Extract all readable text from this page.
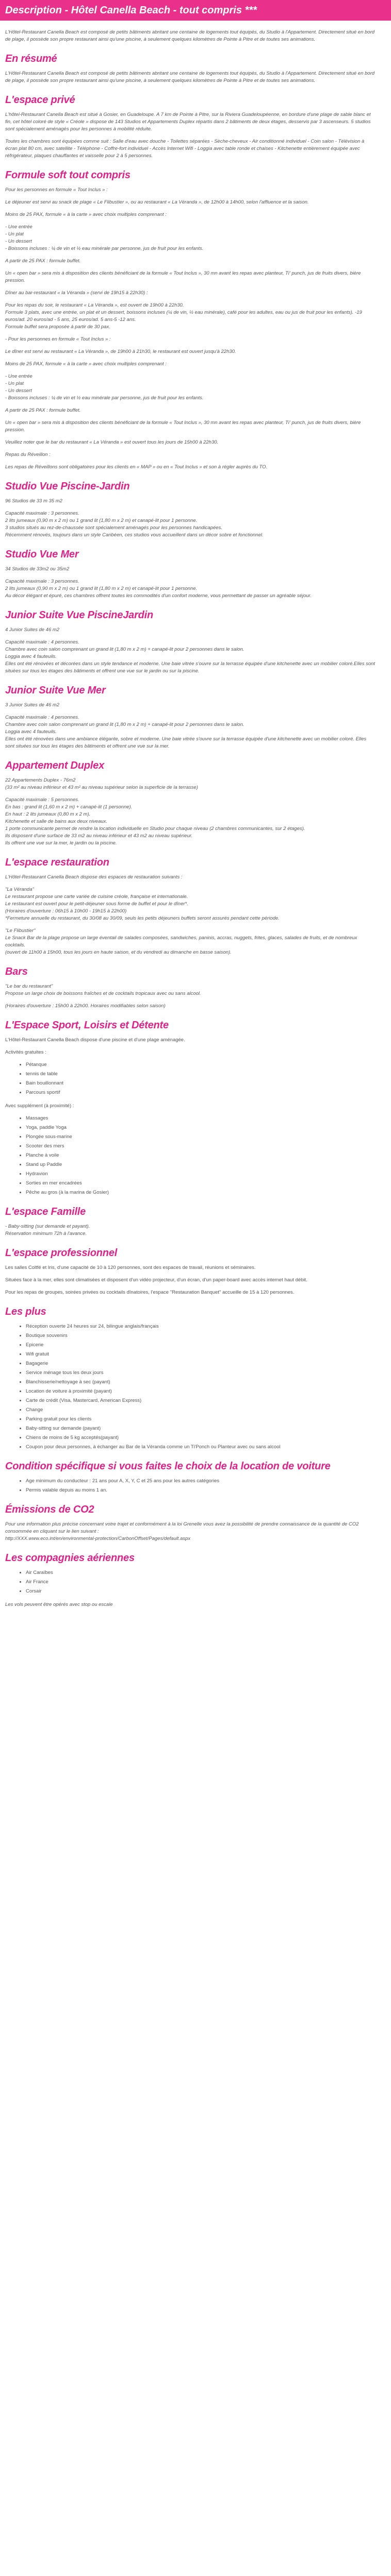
Description - Hôtel Canella Beach - tout compris ***

L'Hôtel-Restaurant Canella Beach est composé de petits bâtiments abritant une centaine de logements tout équipés, du Studio à l'Appartement. Directement situé en bord de plage, il possède son propre restaurant ainsi qu'une piscine, à seulement quelques kilomètres de Pointe à Pitre et de toutes ses animations.

En résumé

L'Hôtel-Restaurant Canella Beach est composé de petits bâtiments abritant une centaine de logements tout équipés, du Studio à l'Appartement. Directement situé en bord de plage, il possède son propre restaurant ainsi qu'une piscine, à seulement quelques kilomètres de Pointe à Pitre et de toutes ses animations.

L'espace privé

L'hôtel-Restaurant Canella Beach est situé à Gosier, en Guadeloupe. A 7 km de Pointe à Pitre, sur la Riviera Guadeloupéenne, en bordure d'une plage de sable blanc et fin, cet hôtel coloré de style « Créole » dispose de 143 Studios et Appartements Duplex répartis dans 2 bâtiments de deux étages, desservis par 3 ascenseurs. 5 studios sont spécialement aménagés pour les personnes à mobilité réduite.

Toutes les chambres sont équipées comme suit : Salle d'eau avec douche - Toilettes séparées - Sèche-cheveux - Air conditionné individuel - Coin salon - Télévision à écran plat 80 cm, avec satellite - Téléphone - Coffre-fort individuel - Accès Internet Wifi - Loggia avec table ronde et chaises - Kitchenette entièrement équipée avec réfrigérateur, plaques chauffantes et vaisselle pour 2 à 5 personnes.

Formule soft tout compris

Pour les personnes en formule « Tout Inclus » :

Le déjeuner est servi au snack de plage « Le Flibustier », ou au restaurant « La Véranda », de 12h00 à 14h00, selon l'affluence et la saison.

Moins de 25 PAX, formule « à la carte » avec choix multiples comprenant :

- Une entrée

- Un plat

- Un dessert

- Boissons incluses : ¼ de vin et ½ eau minérale par personne, jus de fruit pour les enfants.

A partir de 25 PAX : formule buffet.

Un « open bar » sera mis à disposition des clients bénéficiant de la formule « Tout Inclus », 30 mn avant les repas avec planteur, Ti' punch, jus de fruits divers, bière pression.

Dîner au bar-restaurant « la Véranda » (servi de 19h15 à 22h30) :

Pour les repas du soir, le restaurant « La Véranda », est ouvert de 19h00 à 22h30.

Formule 3 plats, avec une entrée, un plat et un dessert, boissons incluses (¼ de vin, ½ eau minérale), café pour les adultes, eau ou jus de fruit pour les enfants). -19 euros/ad. 20 euros/ad - 5 ans, 25 euros/ad. 5 ans-5 -12 ans.

Formule buffet sera proposée à partir de 30 pax.

- Pour les personnes en formule « Tout Inclus » :

Le dîner est servi au restaurant « La Véranda », de 19h00 à 21h30, le restaurant est ouvert jusqu'à 22h30.

Moins de 25 PAX, formule « à la carte » avec choix multiples comprenant :

- Une entrée

- Un plat

- Un dessert

- Boissons incluses : ¼ de vin et ½ eau minérale par personne, jus de fruit pour les enfants.

A partir de 25 PAX : formule buffet.

Un « open bar » sera mis à disposition des clients bénéficiant de la formule « Tout Inclus », 30 mn avant les repas avec planteur, Ti' punch, jus de fruits divers, bière pression.

Veuillez noter que le bar du restaurant « La Véranda » est ouvert tous les jours de 15h00 à 22h30.

Repas du Réveillon :

Les repas de Réveillons sont obligatoires pour les clients en « MAP » ou en « Tout Inclus » et son à régler auprès du TO.

Studio Vue Piscine-Jardin

96 Studios de 33 m 35 m2

Capacité maximale : 3 personnes.

2 lits jumeaux (0,90 m x 2 m) ou 1 grand lit (1,80 m x 2 m) et canapé-lit pour 1 personne.

3 studios situés au rez-de-chaussée sont spécialement aménagés pour les personnes handicapées.

Récemment rénovés, toujours dans un style Caribéen, ces studios vous accueillent dans un décor sobre et fonctionnel.

Studio Vue Mer

34 Studios de 33m2 ou 35m2

Capacité maximale : 3 personnes.

2 lits jumeaux (0,90 m x 2 m) ou 1 grand lit (1,80 m x 2 m) et canapé-lit pour 1 personne.

Au décor élégant et épuré, ces chambres offrent toutes les commodités d'un confort moderne, vous permettant de passer un agréable séjour.

Junior Suite Vue PiscineJardin

4 Junior Suites de 46 m2

Capacité maximale : 4 personnes.

Chambre avec coin salon comprenant un grand lit (1,80 m x 2 m) + canapé-lit pour 2 personnes dans le salon.

Loggia avec 4 fauteuils.

Elles ont été rénovées et décorées dans un style tendance et moderne. Une baie vitrée s'ouvre sur la terrasse équipée d'une kitchenette avec un mobilier coloré.Elles sont situées sur tous les étages des bâtiments et offrent une vue sur le jardin ou sur la piscine.

Junior Suite Vue Mer

3 Junior Suites de 46 m2

Capacité maximale : 4 personnes.

Chambre avec coin salon comprenant un grand lit (1,80 m x 2 m) + canapé-lit pour 2 personnes dans le salon.

Loggia avec 4 fauteuils.

Elles ont été rénovées dans une ambiance élégante, sobre et moderne. Une baie vitrée s'ouvre sur la terrasse équipée d'une kitchenette avec un mobilier coloré. Elles sont situées sur tous les étages des bâtiments et offrent une vue sur la mer.

Appartement Duplex

22 Appartements Duplex - 76m2

(33 m² au niveau inférieur et 43 m² au niveau supérieur selon la superficie de la terrasse)

Capacité maximale : 5 personnes.

En bas : grand lit (1,60 m x 2 m) + canapé-lit (1 personne).

En haut : 2 lits jumeaux (0,80 m x 2 m).

Kitchenette et salle de bains aux deux niveaux.

1 porte communicante permet de rendre la location individuelle en Studio pour chaque niveau (2 chambres communicantes, sur 2 étages).

Ils disposent d'une surface de 33 m2 au niveau inférieur et 43 m2 au niveau supérieur.

Ils offrent une vue sur la mer, le jardin ou la piscine.

L'espace restauration

L'Hôtel-Restaurant Canella Beach dispose des espaces de restauration suivants :

"La Véranda"

Le restaurant propose une carte variée de cuisine créole, française et internationale.

Le restaurant est ouvert pour le petit-déjeuner sous forme de buffet et pour le dîner*.

(Horaires d'ouverture : 06h15 à 10h00 - 19h15 à 22h00)

*Fermeture annuelle du restaurant, du 30/08 au 30/09, seuls les petits déjeuners buffets seront assurés pendant cette période.

"Le Flibustier"

Le Snack Bar de la plage propose un large éventail de salades composées, sandwiches, paninis, accras, nuggets, frites, glaces, salades de fruits, et de nombreux cocktails.

(ouvert de 11h00 à 15h00, tous les jours en haute saison, et du vendredi au dimanche en basse saison).

Bars

"Le bar du restaurant"

Propose un large choix de boissons fraîches et de cocktails tropicaux avec ou sans alcool.

(Horaires d'ouverture : 15h00 à 22h00. Horaires modifiables selon saison)

L'Espace Sport, Loisirs et Détente

L'Hôtel-Restaurant Canella Beach dispose d'une piscine et d'une plage aménagée.

Activités gratuites :

• Pétanque
• tennis de table
• Bain bouillonnant
• Parcours sportif

Avec supplément (à proximité) :

• Massages
• Yoga, paddle Yoga
• Plongée sous-marine
• Scooter des mers
• Planche à voile
• Stand up Paddle
• Hydravion
• Sorties en mer encadrées
• Pêche au gros (à la marina de Gosier)
L'espace Famille

- Baby-sitting (sur demande et payant).

Réservation minimum 72h à l'avance.

L'espace professionnel

Les salles Coltfé et Iris, d'une capacité de 10 à 120 personnes, sont des espaces de travail, réunions et séminaires.

Situées face à la mer, elles sont climatisées et disposent d'un vidéo projecteur, d'un écran, d'un paper-board avec accès internet haut débit.

Pour les repas de groupes, soirées privées ou cocktails dînatoires, l'espace "Restauration Banquet" accueille de 15 à 120 personnes.

Les plus
• Réception ouverte 24 heures sur 24, bilingue anglais/français
• Boutique souvenirs
• Epicerie
• Wifi gratuit
• Bagagerie
• Service ménage tous les deux jours
• Blanchisserie/nettoyage à sec (payant)
• Location de voiture à proximité (payant)
• Carte de crédit (Visa, Mastercard, American Express)
• Change
• Parking gratuit pour les clients
• Baby-sitting sur demande (payant)
• Chiens de moins de 5 kg acceptés(payant)
• Coupon pour deux personnes, à échanger au Bar de la Véranda comme un Ti'Ponch ou Planteur avec ou sans alcool
Condition spécifique si vous faites le choix de la location de voiture
• Age minimum du conducteur : 21 ans pour A, X, Y, C et 25 ans pour les autres catégories
• Permis valable depuis au moins 1 an.
Émissions de CO2

Pour une information plus précise concernant votre trajet et conformément à la loi Grenelle vous avez la possibilité de prendre connaissance de la quantité de CO2 consommée en cliquant sur le lien suivant :

http://XXX.www.eco.int/en/environmental-protection/CarbonOffset/Pages/default.aspx

Les compagnies aériennes
• Air Caraïbes
• Air France
• Corsair

Les vols peuvent être opérés avec stop ou escale
